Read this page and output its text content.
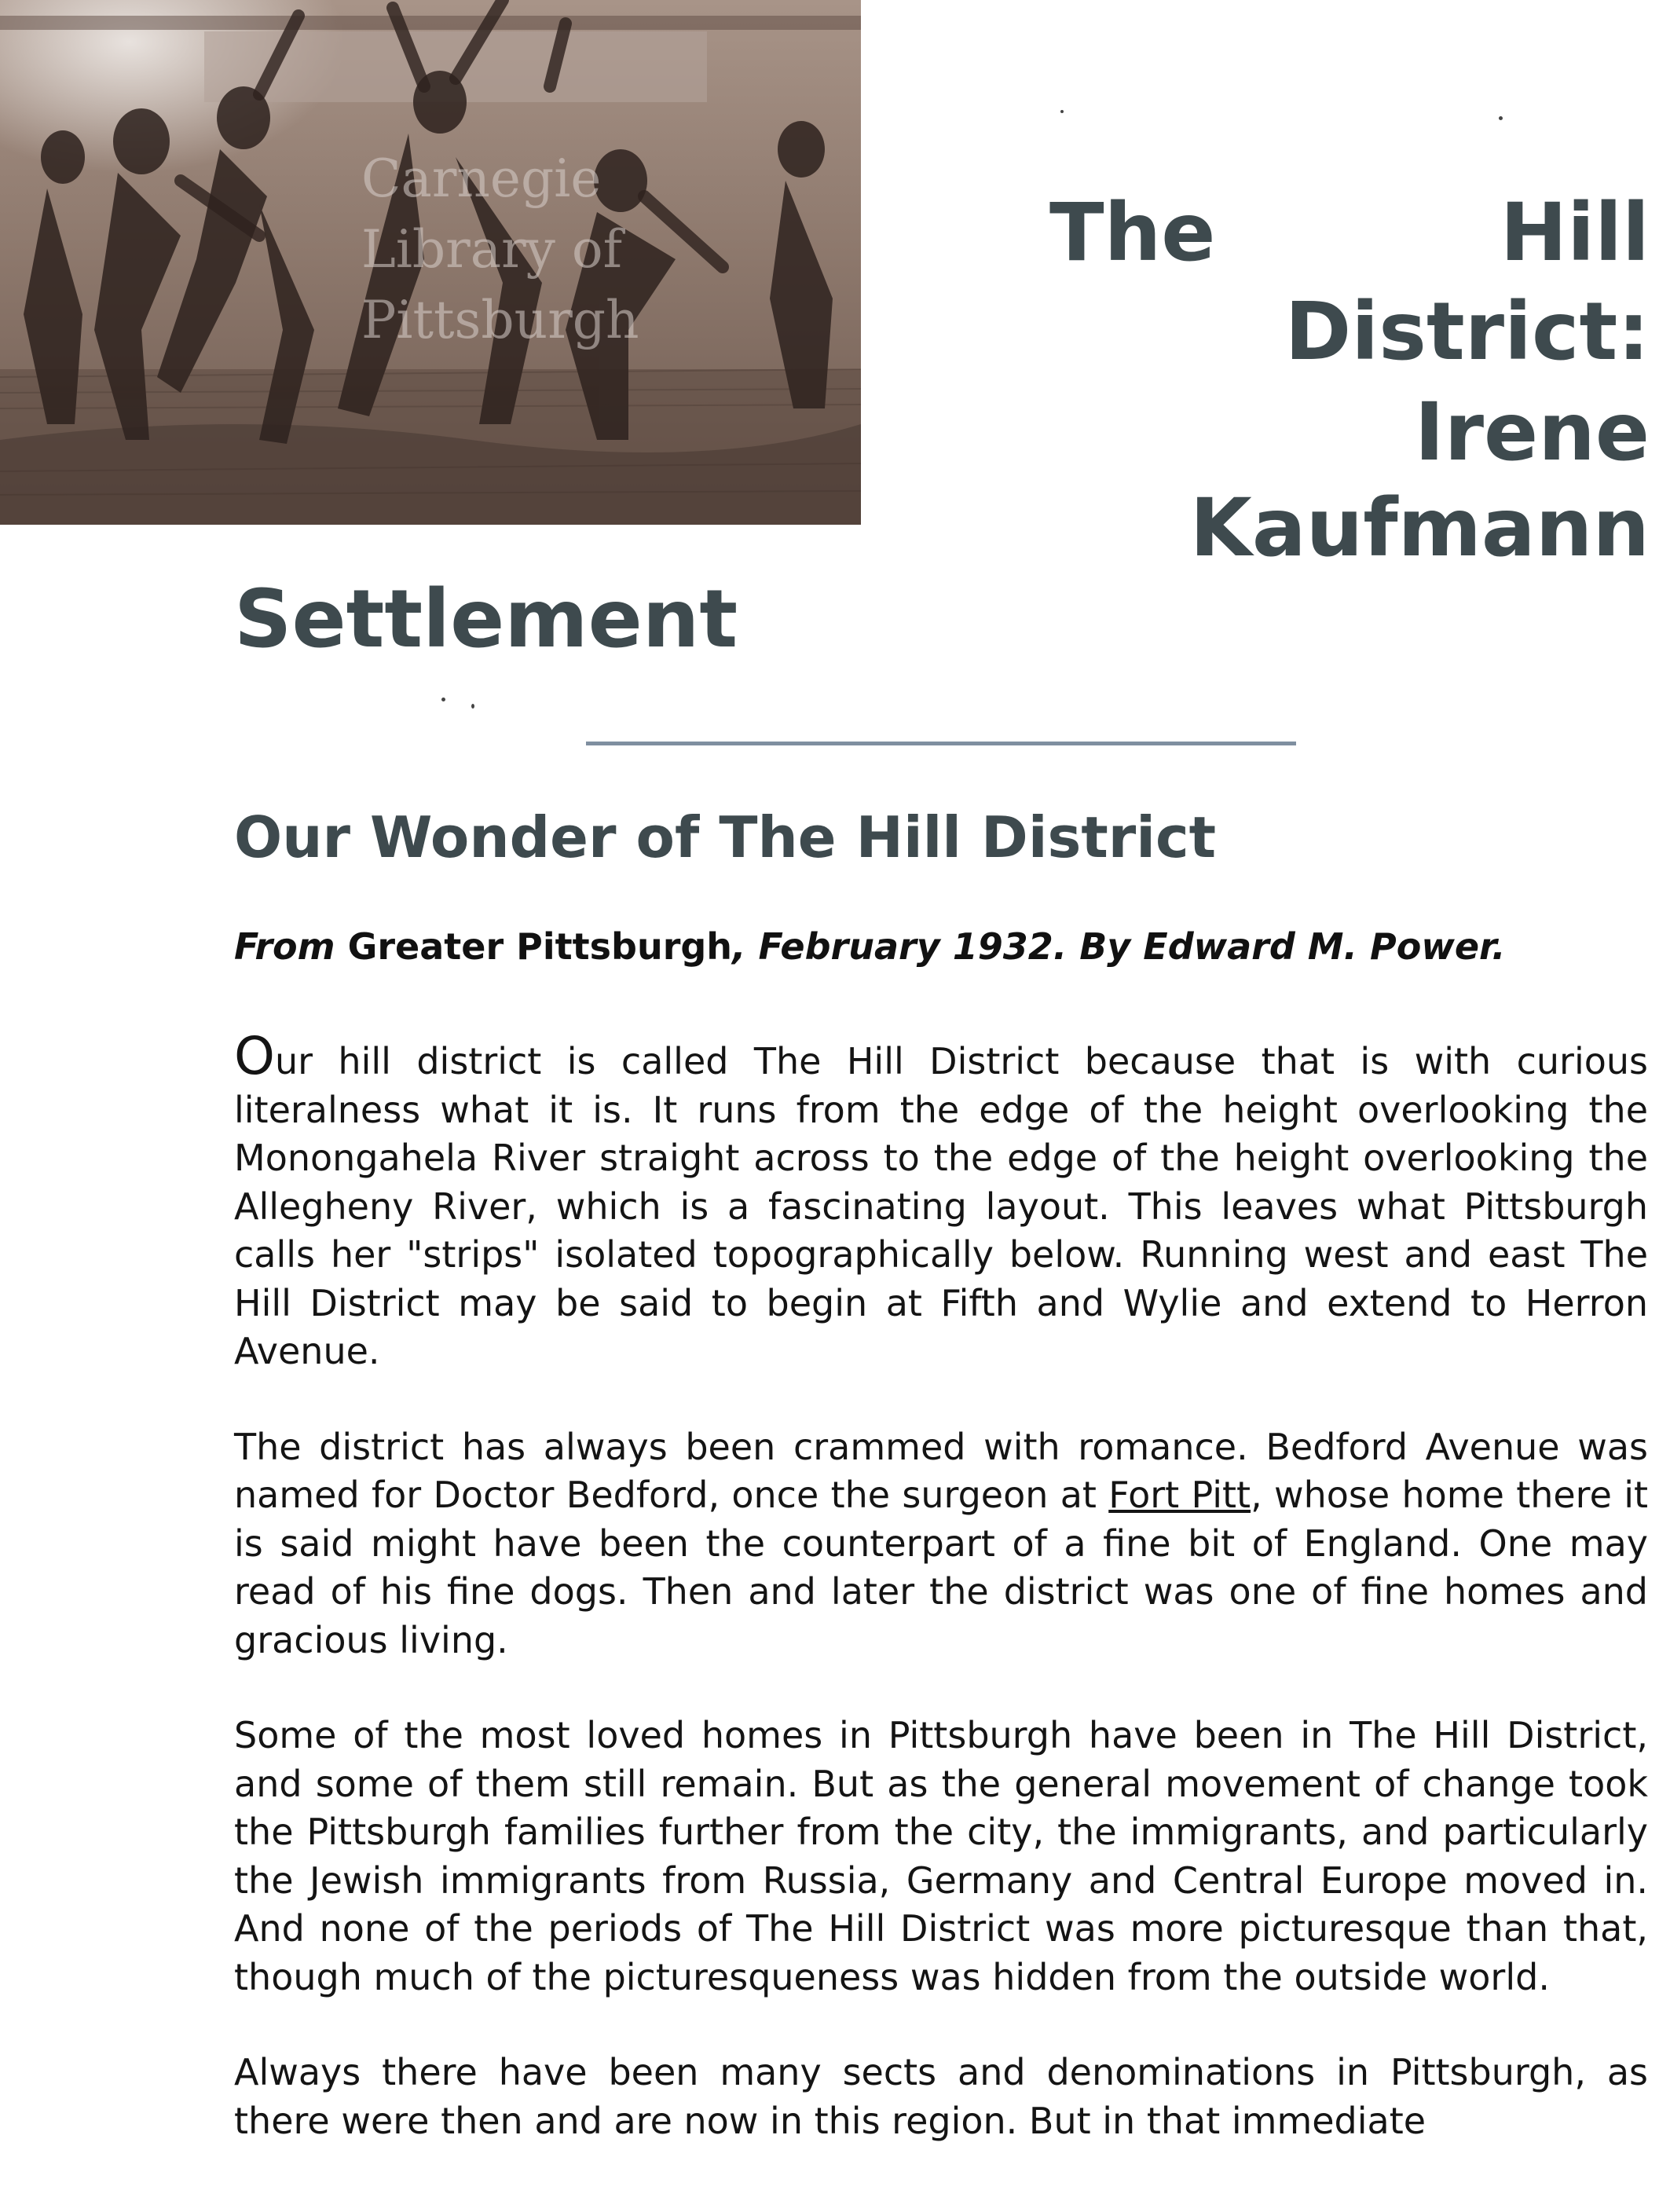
Carnegie
Library of
Pittsburgh
The	Hill
District:
Irene
Kaufmann
Settlement
Our Wonder of The Hill District
From Greater Pittsburgh, February 1932. By Edward M. Power.

Our hill district is called The Hill District because that is with curious literalness what it is. It runs from the edge of the height overlooking the Monongahela River straight across to the edge of the height overlooking the Allegheny River, which is a fascinating layout. This leaves what Pittsburgh calls her "strips" isolated topographically below. Running west and east The Hill District may be said to begin at Fifth and Wylie and extend to Herron Avenue.

The district has always been crammed with romance. Bedford Avenue was named for Doctor Bedford, once the surgeon at Fort Pitt, whose home there it is said might have been the counterpart of a fine bit of England. One may read of his fine dogs. Then and later the district was one of fine homes and gracious living.

Some of the most loved homes in Pittsburgh have been in The Hill District, and some of them still remain. But as the general movement of change took the Pittsburgh families further from the city, the immigrants, and particularly the Jewish immigrants from Russia, Germany and Central Europe moved in. And none of the periods of The Hill District was more picturesque than that, though much of the picturesqueness was hidden from the outside world.

Always there have been many sects and denominations in Pittsburgh, as there were then and are now in this region. But in that immediate
